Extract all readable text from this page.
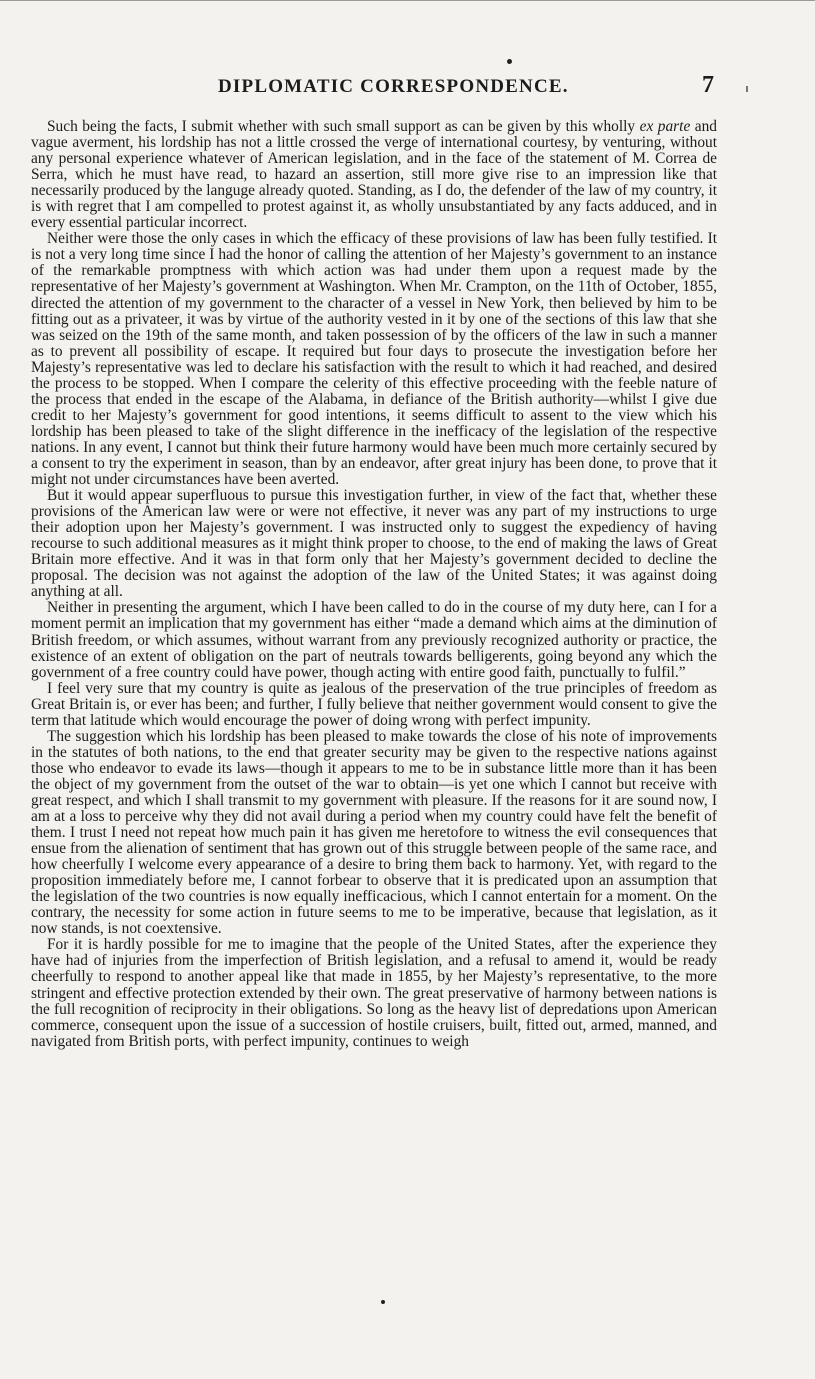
DIPLOMATIC CORRESPONDENCE.	7

Such being the facts, I submit whether with such small support as can be given by this wholly ex parte and vague averment, his lordship has not a little crossed the verge of international courtesy, by venturing, without any personal experience whatever of American legislation, and in the face of the statement of M. Correa de Serra, which he must have read, to hazard an assertion, still more give rise to an impression like that necessarily produced by the languge already quoted. Standing, as I do, the defender of the law of my country, it is with regret that I am compelled to protest against it, as wholly unsubstantiated by any facts adduced, and in every essential particular incorrect.

Neither were those the only cases in which the efficacy of these provisions of law has been fully testified. It is not a very long time since I had the honor of calling the attention of her Majesty’s government to an instance of the remarkable promptness with which action was had under them upon a request made by the representative of her Majesty’s government at Washington. When Mr. Crampton, on the 11th of October, 1855, directed the attention of my government to the character of a vessel in New York, then believed by him to be fitting out as a privateer, it was by virtue of the authority vested in it by one of the sections of this law that she was seized on the 19th of the same month, and taken possession of by the officers of the law in such a manner as to prevent all possibility of escape. It required but four days to prosecute the investigation before her Majesty’s representative was led to declare his satisfaction with the result to which it had reached, and desired the process to be stopped. When I compare the celerity of this effective proceeding with the feeble nature of the process that ended in the escape of the Alabama, in defiance of the British authority—whilst I give due credit to her Majesty’s government for good intentions, it seems difficult to assent to the view which his lordship has been pleased to take of the slight difference in the inefficacy of the legislation of the respective nations. In any event, I cannot but think their future harmony would have been much more certainly secured by a consent to try the experiment in season, than by an endeavor, after great injury has been done, to prove that it might not under circumstances have been averted.

But it would appear superfluous to pursue this investigation further, in view of the fact that, whether these provisions of the American law were or were not effective, it never was any part of my instructions to urge their adoption upon her Majesty’s government. I was instructed only to suggest the expediency of having recourse to such additional measures as it might think proper to choose, to the end of making the laws of Great Britain more effective. And it was in that form only that her Majesty’s government decided to decline the proposal. The decision was not against the adoption of the law of the United States; it was against doing anything at all.

Neither in presenting the argument, which I have been called to do in the course of my duty here, can I for a moment permit an implication that my government has either “made a demand which aims at the diminution of British freedom, or which assumes, without warrant from any previously recognized authority or practice, the existence of an extent of obligation on the part of neutrals towards belligerents, going beyond any which the government of a free country could have power, though acting with entire good faith, punctually to fulfil.”

I feel very sure that my country is quite as jealous of the preservation of the true principles of freedom as Great Britain is, or ever has been; and further, I fully believe that neither government would consent to give the term that latitude which would encourage the power of doing wrong with perfect impunity.

The suggestion which his lordship has been pleased to make towards the close of his note of improvements in the statutes of both nations, to the end that greater security may be given to the respective nations against those who endeavor to evade its laws—though it appears to me to be in substance little more than it has been the object of my government from the outset of the war to obtain—is yet one which I cannot but receive with great respect, and which I shall transmit to my government with pleasure. If the reasons for it are sound now, I am at a loss to perceive why they did not avail during a period when my country could have felt the benefit of them. I trust I need not repeat how much pain it has given me heretofore to witness the evil consequences that ensue from the alienation of sentiment that has grown out of this struggle between people of the same race, and how cheerfully I welcome every appearance of a desire to bring them back to harmony. Yet, with regard to the proposition immediately before me, I cannot forbear to observe that it is predicated upon an assumption that the legislation of the two countries is now equally inefficacious, which I cannot entertain for a moment. On the contrary, the necessity for some action in future seems to me to be imperative, because that legislation, as it now stands, is not coextensive.

For it is hardly possible for me to imagine that the people of the United States, after the experience they have had of injuries from the imperfection of British legislation, and a refusal to amend it, would be ready cheerfully to respond to another appeal like that made in 1855, by her Majesty’s representative, to the more stringent and effective protection extended by their own. The great preservative of harmony between nations is the full recognition of reciprocity in their obligations. So long as the heavy list of depredations upon American commerce, consequent upon the issue of a succession of hostile cruisers, built, fitted out, armed, manned, and navigated from British ports, with perfect impunity, continues to weigh
